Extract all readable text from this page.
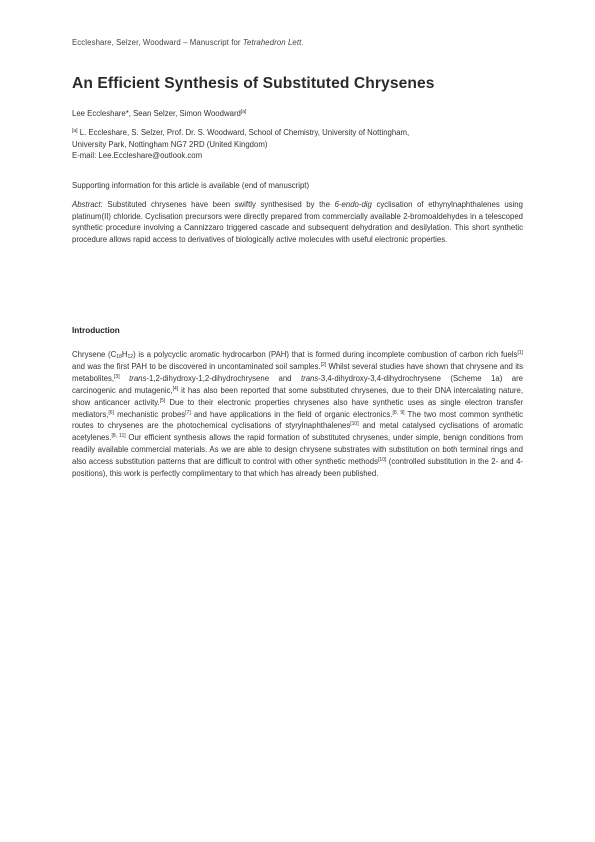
Eccleshare, Selzer, Woodward – Manuscript for Tetrahedron Lett.
An Efficient Synthesis of Substituted Chrysenes
Lee Eccleshare*, Sean Selzer, Simon Woodward[a]
[a] L. Eccleshare, S. Selzer, Prof. Dr. S. Woodward, School of Chemistry, University of Nottingham,
University Park, Nottingham NG7 2RD (United Kingdom)
E-mail: Lee.Eccleshare@outlook.com
Supporting information for this article is available (end of manuscript)
Abstract: Substituted chrysenes have been swiftly synthesised by the 6-endo-dig cyclisation of ethynylnaphthalenes using platinum(II) chloride. Cyclisation precursors were directly prepared from commercially available 2-bromoaldehydes in a telescoped synthetic procedure involving a Cannizzaro triggered cascade and subsequent dehydration and desilylation. This short synthetic procedure allows rapid access to derivatives of biologically active molecules with useful electronic properties.
Introduction
Chrysene $(C_{18}H_{12})$ is a polycyclic aromatic hydrocarbon (PAH) that is formed during incomplete combustion of carbon rich fuels[1] and was the first PAH to be discovered in uncontaminated soil samples.[2] Whilst several studies have shown that chrysene and its metabolites,[3] trans-1,2-dihydroxy-1,2-dihydrochrysene and trans-3,4-dihydroxy-3,4-dihydrochrysene (Scheme 1a) are carcinogenic and mutagenic,[4] it has also been reported that some substituted chrysenes, due to their DNA intercalating nature, show anticancer activity.[5] Due to their electronic properties chrysenes also have synthetic uses as single electron transfer mediators,[6] mechanistic probes[7] and have applications in the field of organic electronics.[8, 9] The two most common synthetic routes to chrysenes are the photochemical cyclisations of styrylnaphthalenes[10] and metal catalysed cyclisations of aromatic acetylenes.[8, 11] Our efficient synthesis allows the rapid formation of substituted chrysenes, under simple, benign conditions from readily available commercial materials. As we are able to design chrysene substrates with substitution on both terminal rings and also access substitution patterns that are difficult to control with other synthetic methods[10] (controlled substitution in the 2- and 4-positions), this work is perfectly complimentary to that which has already been published.
